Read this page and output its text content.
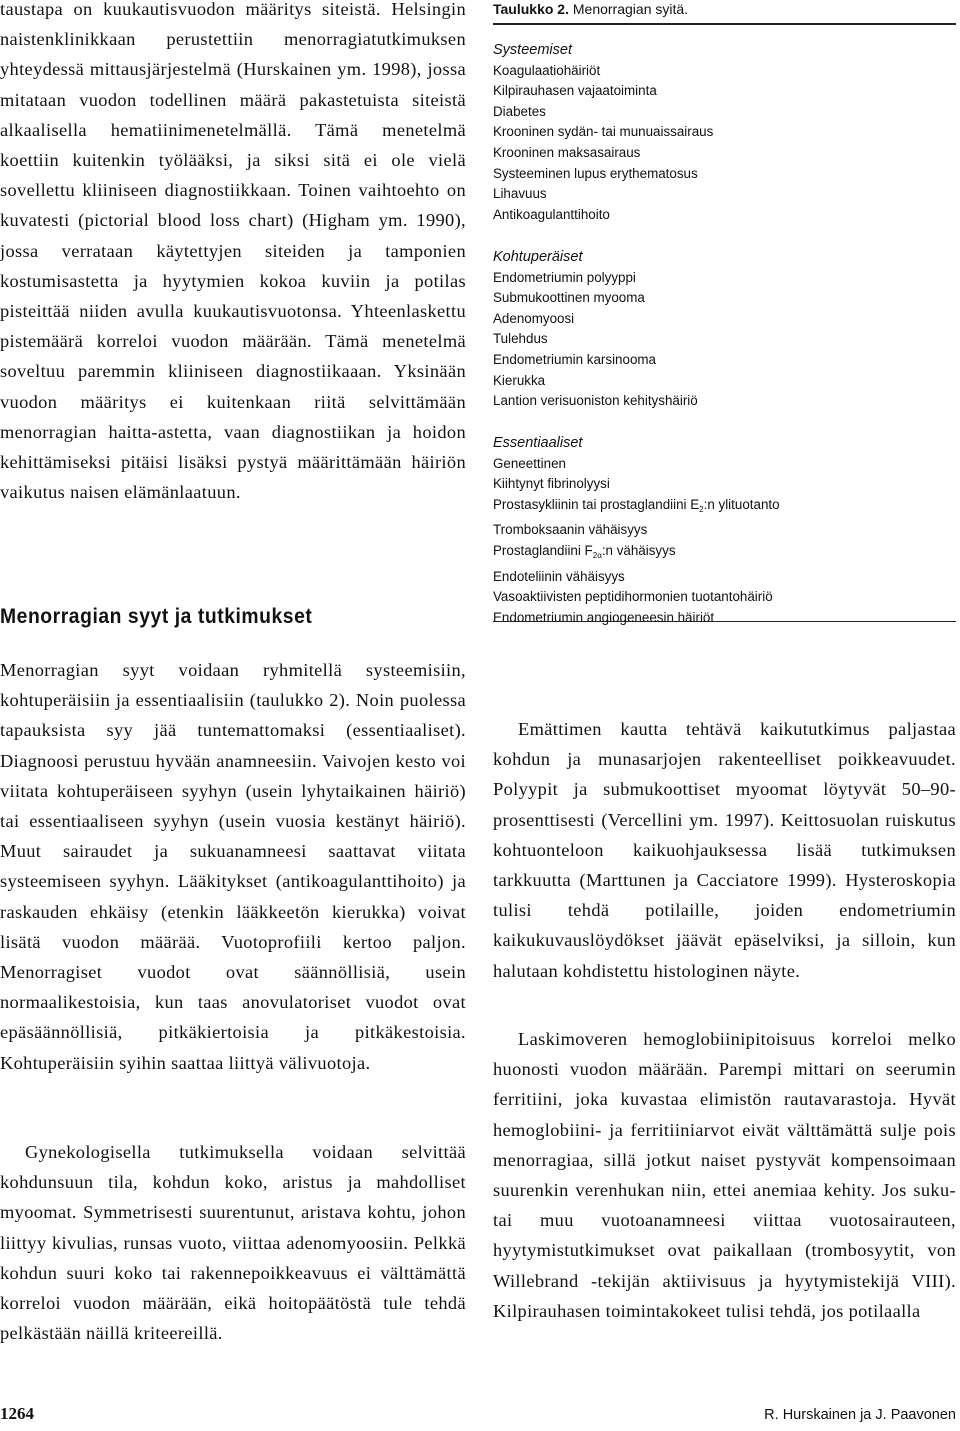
taustapa on kuukautisvuodon määritys siteistä. Helsingin naistenklinikkaan perustettiin menorragiatutkimuksen yhteydessä mittausjärjestelmä (Hurskainen ym. 1998), jossa mitataan vuodon todellinen määrä pakastetuista siteistä alkaalisella hematiinimenetelmällä. Tämä menetelmä koettiin kuitenkin työlääksi, ja siksi sitä ei ole vielä sovellettu kliiniseen diagnostiikkaan. Toinen vaihtoehto on kuvatesti (pictorial blood loss chart) (Higham ym. 1990), jossa verrataan käytettyjen siteiden ja tamponien kostumisastetta ja hyytymien kokoa kuviin ja potilas pisteittää niiden avulla kuukautisvuotonsa. Yhteenlaskettu pistemäärä korreloi vuodon määrään. Tämä menetelmä soveltuu paremmin kliiniseen diagnostiikaaan. Yksinään vuodon määritys ei kuitenkaan riitä selvittämään menorragian haitta-astetta, vaan diagnostiikan ja hoidon kehittämiseksi pitäisi lisäksi pystyä määrittämään häiriön vaikutus naisen elämänlaatuun.

Menorragian syyt ja tutkimukset

Menorragian syyt voidaan ryhmitellä systeemisiin, kohtuperäisiin ja essentiaalisiin (taulukko 2). Noin puolessa tapauksista syy jää tuntemattomaksi (essentiaaliset). Diagnoosi perustuu hyvään anamneesiin. Vaivojen kesto voi viitata kohtuperäiseen syyhyn (usein lyhytaikainen häiriö) tai essentiaaliseen syyhyn (usein vuosia kestänyt häiriö). Muut sairaudet ja sukuanamneesi saattavat viitata systeemiseen syyhyn. Lääkitykset (antikoagulanttihoito) ja raskauden ehkäisy (etenkin lääkkeetön kierukka) voivat lisätä vuodon määrää. Vuotoprofiili kertoo paljon. Menorragiset vuodot ovat säännöllisiä, usein normaalikestoisia, kun taas anovulatoriset vuodot ovat epäsäännöllisiä, pitkäkiertoisia ja pitkäkestoisia. Kohtuperäisiin syihin saattaa liittyä välivuotoja.

Gynekologisella tutkimuksella voidaan selvittää kohdunsuun tila, kohdun koko, aristus ja mahdolliset myoomat. Symmetrisesti suurentunut, aristava kohtu, johon liittyy kivulias, runsas vuoto, viittaa adenomyoosiin. Pelkkä kohdun suuri koko tai rakennepoikkeavuus ei välttämättä korreloi vuodon määrään, eikä hoitopäätöstä tule tehdä pelkästään näillä kriteereillä.

Taulukko 2. Menorragian syitä.

Systeemiset

Koagulaatiohäiriöt

Kilpirauhasen vajaatoiminta

Diabetes

Krooninen sydän- tai munuaissairaus

Krooninen maksasairaus

Systeeminen lupus erythematosus

Lihavuus

Antikoagulanttihoito

Kohtuperäiset

Endometriumin polyyppi

Submukoottinen myooma

Adenomyoosi

Tulehdus

Endometriumin karsinooma

Kierukka

Lantion verisuoniston kehityshäiriö

Essentiaaliset

Geneettinen

Kiihtynyt fibrinolyysi

Prostasykliinin tai prostaglandiini $E_2:n$ ylituotanto

Tromboksaanin vähäisyys

Prostaglandiini $F_{2\alpha}:n$ vähäisyys

Endoteliinin vähäisyys

Vasoaktiivisten peptidihormonien tuotantohäiriö

Endometriumin angiogeneesin häiriöt

Emättimen kautta tehtävä kaikututkimus paljastaa kohdun ja munasarjojen rakenteelliset poikkeavuudet. Polyypit ja submukoottiset myoomat löytyvät 50–90-prosenttisesti (Vercellini ym. 1997). Keittosuolan ruiskutus kohtuonteloon kaikuohjauksessa lisää tutkimuksen tarkkuutta (Marttunen ja Cacciatore 1999). Hysteroskopia tulisi tehdä potilaille, joiden endometriumin kaikukuvauslöydökset jäävät epäselviksi, ja silloin, kun halutaan kohdistettu histologinen näyte.

Laskimoveren hemoglobiinipitoisuus korreloi melko huonosti vuodon määrään. Parempi mittari on seerumin ferritiini, joka kuvastaa elimistön rautavarastoja. Hyvät hemoglobiini- ja ferritiiniarvot eivät välttämättä sulje pois menorragiaa, sillä jotkut naiset pystyvät kompensoimaan suurenkin verenhukan niin, ettei anemiaa kehity. Jos suku- tai muu vuotoanamneesi viittaa vuotosairauteen, hyytymistutkimukset ovat paikallaan (trombosyytit, von Willebrand -tekijän aktiivisuus ja hyytymistekijä VIII). Kilpirauhasen toimintakokeet tulisi tehdä, jos potilaalla

1264	R. Hurskainen ja J. Paavonen
